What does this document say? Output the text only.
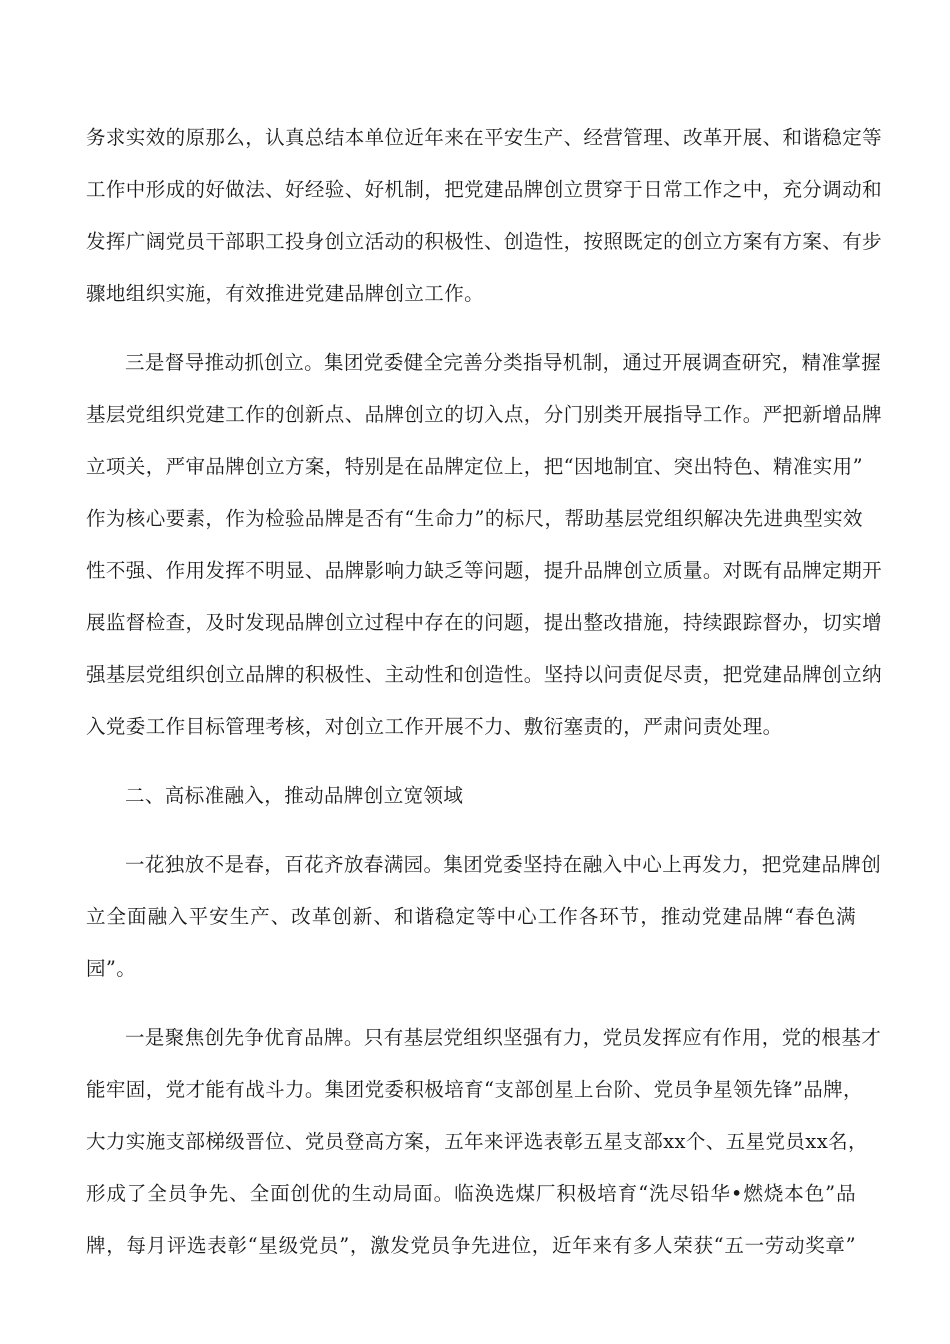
务求实效的原那么，认真总结本单位近年来在平安生产、经营管理、改革开展、和谐稳定等
工作中形成的好做法、好经验、好机制，把党建品牌创立贯穿于日常工作之中，充分调动和
发挥广阔党员干部职工投身创立活动的积极性、创造性，按照既定的创立方案有方案、有步
骤地组织实施，有效推进党建品牌创立工作。
三是督导推动抓创立。集团党委健全完善分类指导机制，通过开展调查研究，精准掌握
基层党组织党建工作的创新点、品牌创立的切入点，分门别类开展指导工作。严把新增品牌
立项关，严审品牌创立方案，特别是在品牌定位上，把“因地制宜、突出特色、精准实用”
作为核心要素，作为检验品牌是否有“生命力”的标尺，帮助基层党组织解决先进典型实效
性不强、作用发挥不明显、品牌影响力缺乏等问题，提升品牌创立质量。对既有品牌定期开
展监督检查，及时发现品牌创立过程中存在的问题，提出整改措施，持续跟踪督办，切实增
强基层党组织创立品牌的积极性、主动性和创造性。坚持以问责促尽责，把党建品牌创立纳
入党委工作目标管理考核，对创立工作开展不力、敷衍塞责的，严肃问责处理。
二、高标准融入，推动品牌创立宽领域
一花独放不是春，百花齐放春满园。集团党委坚持在融入中心上再发力，把党建品牌创
立全面融入平安生产、改革创新、和谐稳定等中心工作各环节，推动党建品牌“春色满
园”。
一是聚焦创先争优育品牌。只有基层党组织坚强有力，党员发挥应有作用，党的根基才
能牢固，党才能有战斗力。集团党委积极培育“支部创星上台阶、党员争星领先锋”品牌，
大力实施支部梯级晋位、党员登高方案，五年来评选表彰五星支部xx个、五星党员xx名，
形成了全员争先、全面创优的生动局面。临涣选煤厂积极培育“洗尽铅华•燃烧本色”品
牌，每月评选表彰“星级党员”，激发党员争先进位，近年来有多人荣获“五一劳动奖章”
